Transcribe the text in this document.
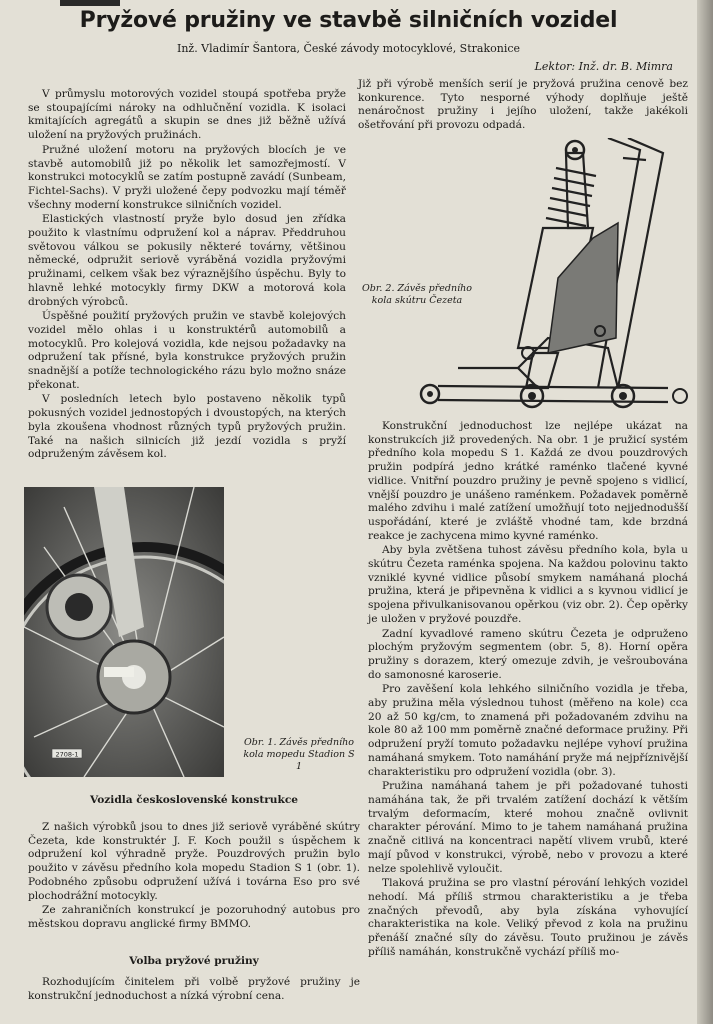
Pryžové pružiny ve stavbě silničních vozidel
Inž. Vladimír Šantora, České závody motocyklové, Strakonice
Lektor: Inž. dr. B. Mimra

V průmyslu motorových vozidel stoupá spotřeba pryže se stoupajícími nároky na odhlučnění vozidla. K isolaci kmitajících agregátů a skupin se dnes již běžně užívá uložení na pryžových pružinách.

Pružné uložení motoru na pryžových blocích je ve stavbě automobilů již po několik let samozřejmostí. V konstrukci motocyklů se zatím postupně zavádí (Sunbeam, Fichtel-Sachs). V pryži uložené čepy podvozku mají téměř všechny moderní konstrukce silničních vozidel.

Elastických vlastností pryže bylo dosud jen zřídka použito k vlastnímu odpružení kol a náprav. Předdruhou světovou válkou se pokusily některé továrny, většinou německé, odpružit seriově vyráběná vozidla pryžovými pružinami, celkem však bez výraznějšího úspěchu. Byly to hlavně lehké motocykly firmy DKW a motorová kola drobných výrobců.

Úspěšné použití pryžových pružin ve stavbě kolejových vozidel mělo ohlas i u konstruktérů automobilů a motocyklů. Pro kolejová vozidla, kde nejsou požadavky na odpružení tak přísné, byla konstrukce pryžových pružin snadnější a potíže technologického rázu bylo možno snáze překonat.

V posledních letech bylo postaveno několik typů pokusných vozidel jednostopých i dvoustopých, na kterých byla zkoušena vhodnost různých typů pryžových pružin. Také na našich silnicích již jezdí vozidla s pryží odpruženým závěsem kol.

2708-1
Obr. 1. Závěs předního kola mopedu Stadion S 1
Vozidla československé konstrukce

Z našich výrobků jsou to dnes již seriově vyráběné skútry Čezeta, kde konstruktér J. F. Koch použil s úspěchem k odpružení kol výhradně pryže. Pouzdrových pružin bylo použito v závěsu předního kola mopedu Stadion S 1 (obr. 1). Podobného způsobu odpružení užívá i továrna Eso pro své plochodrážní motocykly.

Ze zahraničních konstrukcí je pozoruhodný autobus pro městskou dopravu anglické firmy BMMO.

Volba pryžové pružiny

Rozhodujícím činitelem při volbě pryžové pružiny je konstrukční jednoduchost a nízká výrobní cena.

Již při výrobě menších serií je pryžová pružina cenově bez konkurence. Tyto nesporné výhody doplňuje ještě nenáročnost pružiny i jejího uložení, takže jakékoli ošetřování při provozu odpadá.

Obr. 2. Závěs předního kola skútru Čezeta

Konstrukční jednoduchost lze nejlépe ukázat na konstrukcích již provedených. Na obr. 1 je pružicí systém předního kola mopedu S 1. Každá ze dvou pouzdrových pružin podpírá jedno krátké raménko tlačené kyvné vidlice. Vnitřní pouzdro pružiny je pevně spojeno s vidlicí, vnější pouzdro je unášeno raménkem. Požadavek poměrně malého zdvihu i malé zatížení umožňují toto nejjednodušší uspořádání, které je zvláště vhodné tam, kde brzdná reakce je zachycena mimo kyvné raménko.

Aby byla zvětšena tuhost závěsu předního kola, byla u skútru Čezeta raménka spojena. Na každou polovinu takto vzniklé kyvné vidlice působí smykem namáhaná plochá pružina, která je připevněna k vidlici a s kyvnou vidlicí je spojena přivulkanisovanou opěrkou (viz obr. 2). Čep opěrky je uložen v pryžové pouzdře.

Zadní kyvadlové rameno skútru Čezeta je odpruženo plochým pryžovým segmentem (obr. 5, 8). Horní opěra pružiny s dorazem, který omezuje zdvih, je vešroubována do samonosné karoserie.

Pro zavěšení kola lehkého silničního vozidla je třeba, aby pružina měla výslednou tuhost (měřeno na kole) cca 20 až 50 kg/cm, to znamená při požadovaném zdvihu na kole 80 až 100 mm poměrně značné deformace pružiny. Při odpružení pryží tomuto požadavku nejlépe vyhoví pružina namáhaná smykem. Toto namáhání pryže má nejpříznivější charakteristiku pro odpružení vozidla (obr. 3).

Pružina namáhaná tahem je při požadované tuhosti namáhána tak, že při trvalém zatížení dochází k větším trvalým deformacím, které mohou značně ovlivnit charakter pérování. Mimo to je tahem namáhaná pružina značně citlivá na koncentraci napětí vlivem vrubů, které mají původ v konstrukci, výrobě, nebo v provozu a které nelze spolehlivě vyloučit.

Tlaková pružina se pro vlastní pérování lehkých vozidel nehodí. Má příliš strmou charakteristiku a je třeba značných převodů, aby byla získána vyhovující charakteristika na kole. Veliký převod z kola na pružinu přenáší značné síly do závěsu. Touto pružinou je závěs příliš namáhán, konstrukčně vychází příliš mo-
